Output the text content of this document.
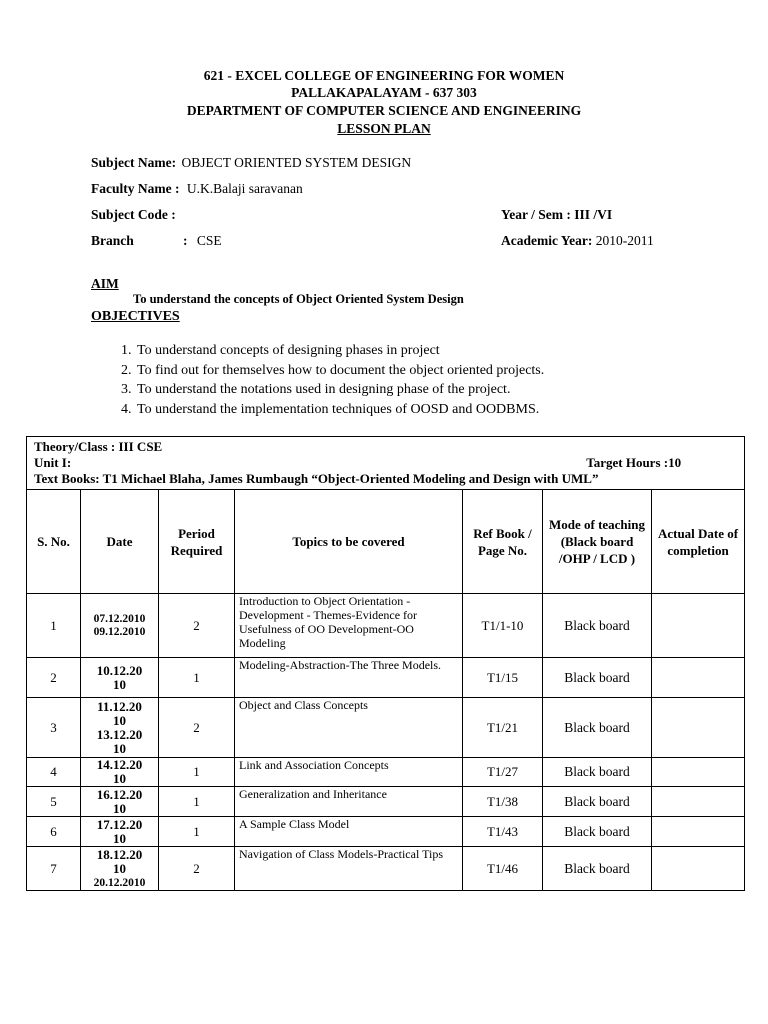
621 - EXCEL COLLEGE OF ENGINEERING FOR WOMEN
PALLAKAPALAYAM - 637 303
DEPARTMENT OF COMPUTER SCIENCE AND ENGINEERING
LESSON PLAN
Subject Name: OBJECT ORIENTED SYSTEM DESIGN
Faculty Name : U.K.Balaji saravanan
Subject Code :	Year / Sem : III /VI
Branch	: CSE	Academic Year: 2010-2011
AIM
To understand the concepts of Object Oriented System Design
OBJECTIVES
1. To understand concepts of designing phases in project
2. To find out for themselves how to document the object oriented projects.
3. To understand the notations used in designing phase of the project.
4. To understand the implementation techniques of OOSD and OODBMS.
Theory/Class : III CSE
Unit I: Target Hours :10
Text Books: T1 Michael Blaha, James Rumbaugh “Object-Oriented Modeling and Design with UML”						

S. No.	Date	Period Required	Topics to be covered	Ref Book / Page No.	Mode of teaching (Black board /OHP / LCD )	Actual Date of completion
1	07.12.2010
09.12.2010	2	Introduction to Object Orientation -Development - Themes-Evidence for Usefulness of OO Development-OO Modeling	T1/1-10	Black board	
2	10.12.20 10	1	Modeling-Abstraction-The Three Models.	T1/15	Black board	
3	11.12.20 10
13.12.20 10	2	Object and Class Concepts	T1/21	Black board	
4	14.12.20 10	1	Link and Association Concepts	T1/27	Black board	
5	16.12.20 10	1	Generalization and Inheritance	T1/38	Black board	
6	17.12.20 10	1	A Sample Class Model	T1/43	Black board	
7	18.12.20 10
20.12.2010	2	Navigation of Class Models-Practical Tips	T1/46	Black board	
